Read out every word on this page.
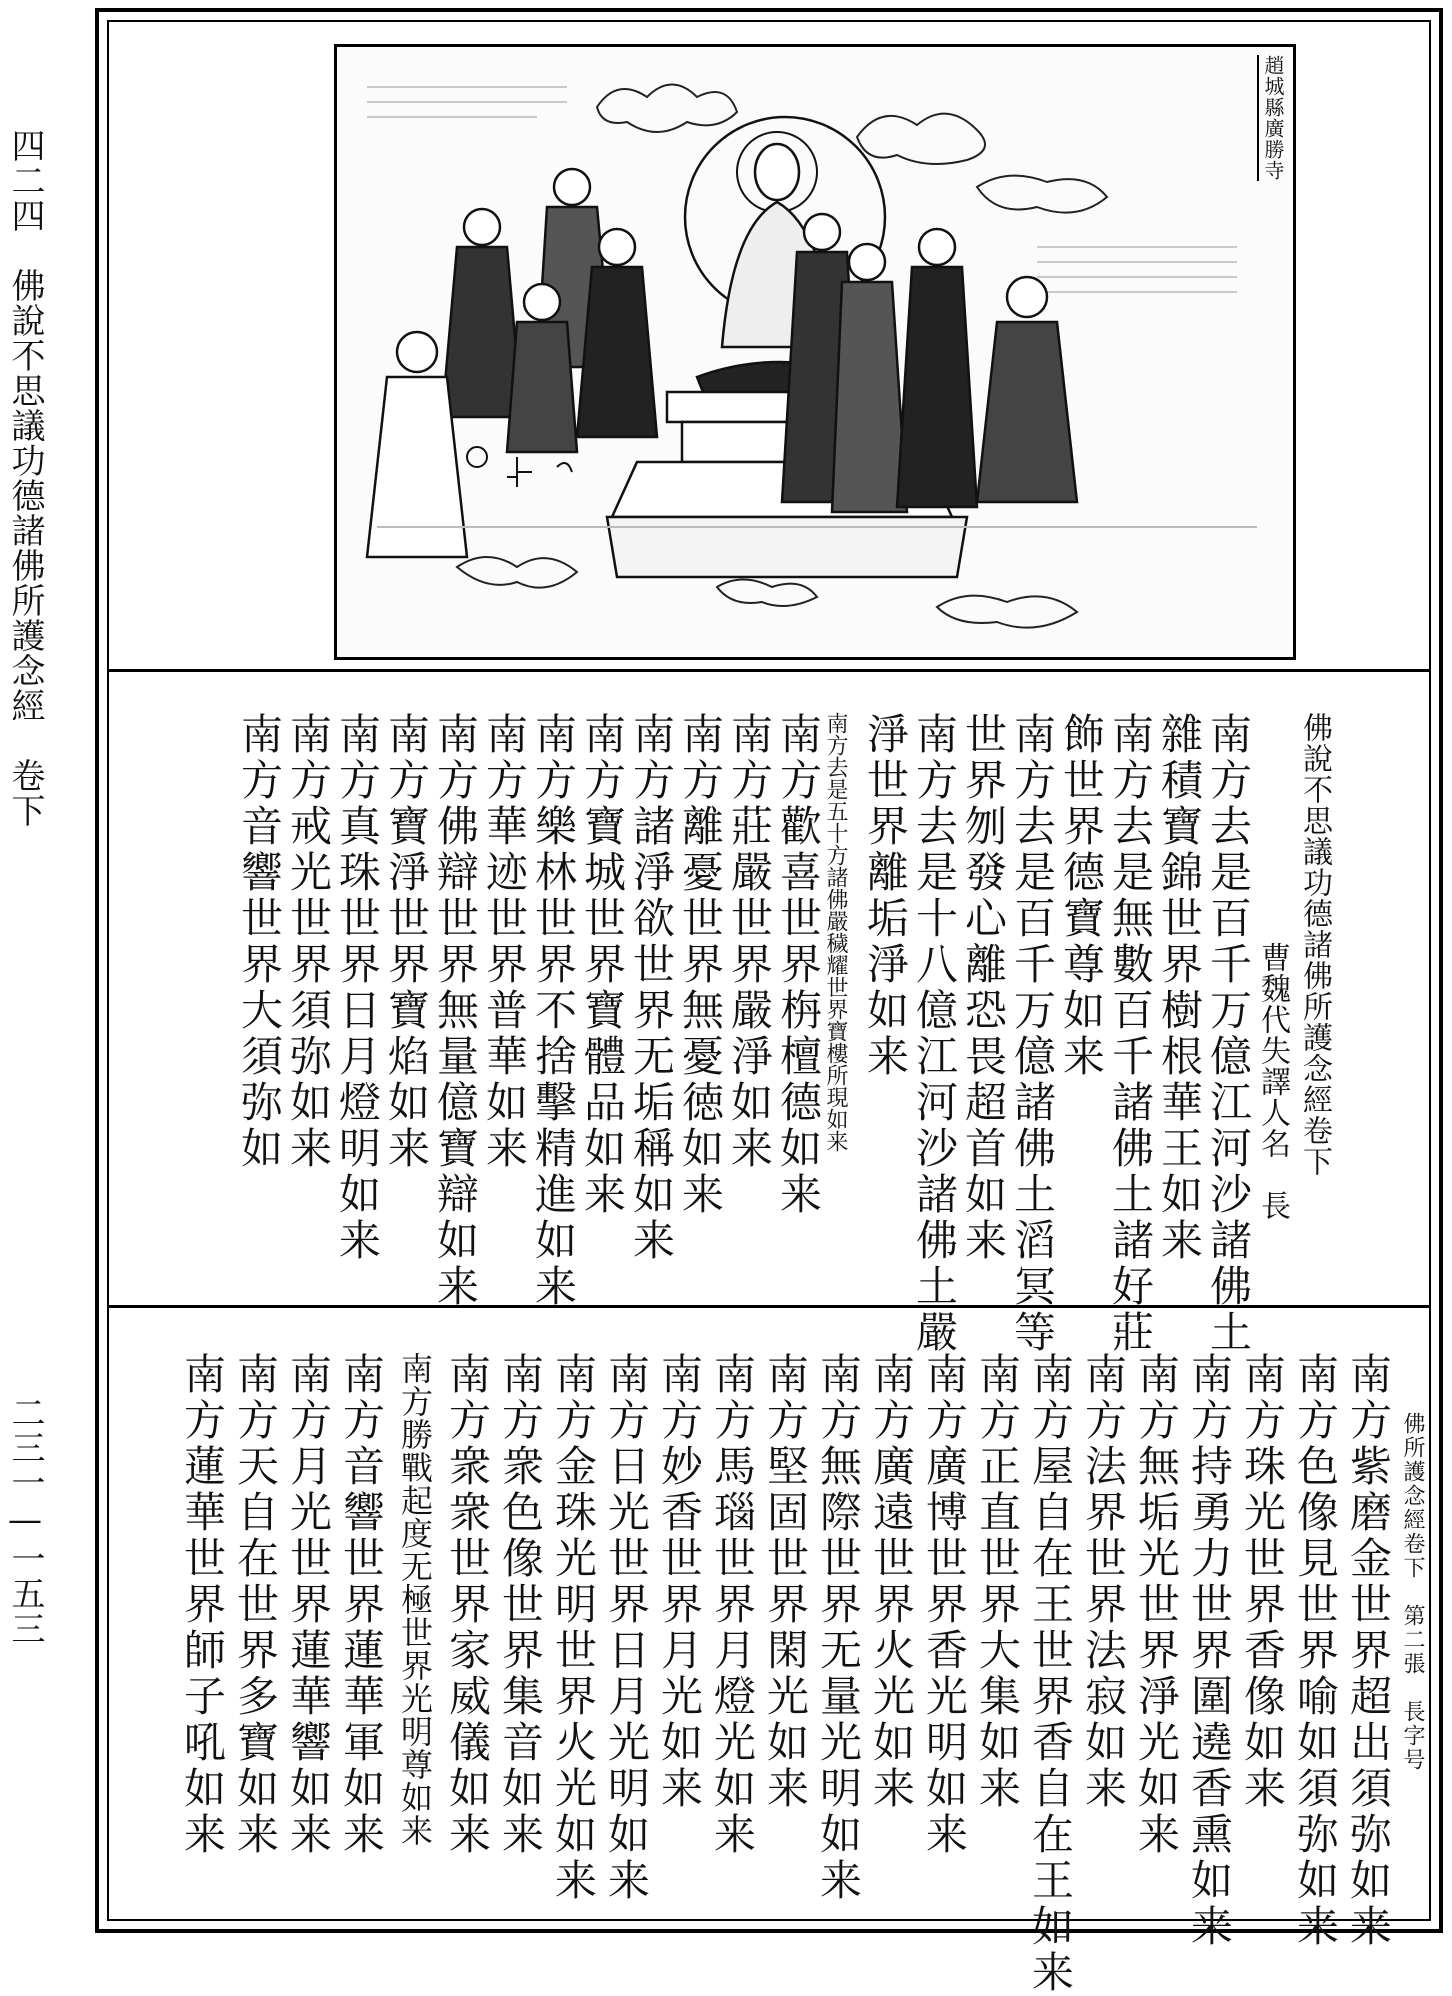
四二四　佛說不思議功德諸佛所護念經　卷下
二三一—一五三
趙城縣廣勝寺
佛說不思議功德諸佛所護念經卷下
曹魏代失譯人名　長
南方去是百千万億江河沙諸佛土
雜積寶錦世界樹根華王如来
南方去是無數百千諸佛土諸好莊
飾世界德寶尊如来
南方去是百千万億諸佛土滔冥等
世界刎發心離恐畏超首如来
南方去是十八億江河沙諸佛土嚴
淨世界離垢淨如来
南方去是五十方諸佛嚴穢耀世界寶樓所現如来
南方歡喜世界栴檀德如来
南方莊嚴世界嚴淨如来
南方離憂世界無憂徳如来
南方諸淨欲世界无垢稱如来
南方寶城世界寶體品如来
南方樂林世界不捨擊精進如来
南方華迹世界普華如来
南方佛辯世界無量億寶辯如来
南方寶淨世界寶焰如来
南方真珠世界日月燈明如来
南方戒光世界須弥如来
南方音響世界大須弥如
佛所護念經卷下　第二張　長字号
南方紫磨金世界超出須弥如来
南方色像見世界喻如須弥如来
南方珠光世界香像如来
南方持勇力世界圍遶香熏如来
南方無垢光世界淨光如来
南方法界世界法寂如来
南方屋自在王世界香自在王如来
南方正直世界大集如来
南方廣博世界香光明如来
南方廣遠世界火光如来
南方無際世界无量光明如来
南方堅固世界閑光如来
南方馬瑙世界月燈光如来
南方妙香世界月光如来
南方日光世界日月光明如来
南方金珠光明世界火光如来
南方衆色像世界集音如来
南方衆衆世界家威儀如来
南方勝戰起度无極世界光明尊如来
南方音響世界蓮華軍如来
南方月光世界蓮華響如来
南方天自在世界多寶如来
南方蓮華世界師子吼如来
